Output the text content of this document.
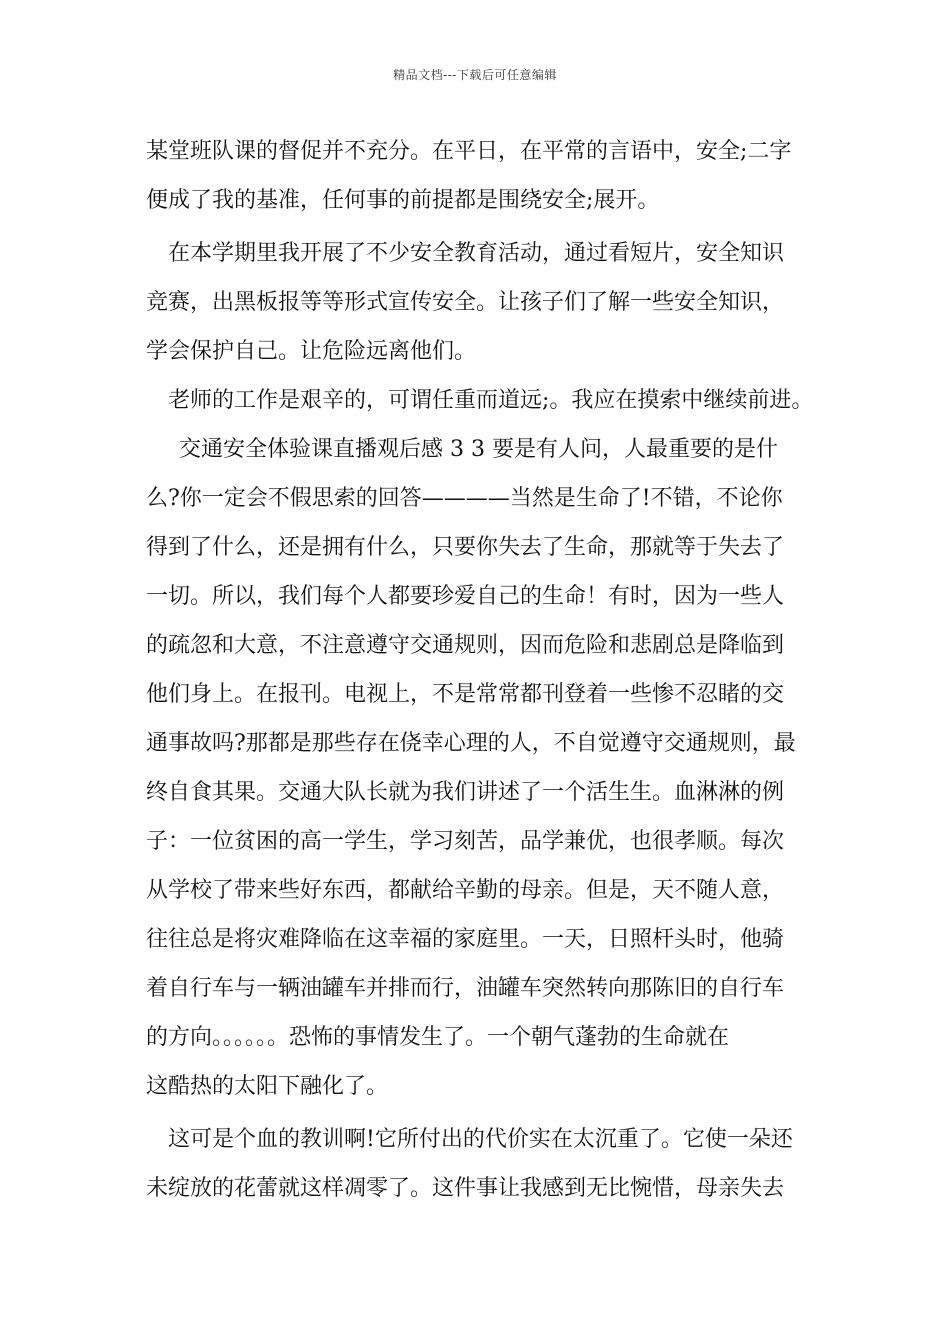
精品文档---下载后可任意编辑
某堂班队课的督促并不充分。在平日，在平常的言语中，安全;二字
便成了我的基准，任何事的前提都是围绕安全;展开。
在本学期里我开展了不少安全教育活动，通过看短片，安全知识
竞赛，出黑板报等等形式宣传安全。让孩子们了解一些安全知识，
学会保护自己。让危险远离他们。
老师的工作是艰辛的，可谓任重而道远;。我应在摸索中继续前进。
交通安全体验课直播观后感 3 3 要是有人问，人最重要的是什
么?你一定会不假思索的回答————当然是生命了!不错，不论你
得到了什么，还是拥有什么，只要你失去了生命，那就等于失去了
一切。所以，我们每个人都要珍爱自己的生命！有时，因为一些人
的疏忽和大意，不注意遵守交通规则，因而危险和悲剧总是降临到
他们身上。在报刊。电视上，不是常常都刊登着一些惨不忍睹的交
通事故吗?那都是那些存在侥幸心理的人，不自觉遵守交通规则，最
终自食其果。交通大队长就为我们讲述了一个活生生。血淋淋的例
子：一位贫困的高一学生，学习刻苦，品学兼优，也很孝顺。每次
从学校了带来些好东西，都献给辛勤的母亲。但是，天不随人意，
往往总是将灾难降临在这幸福的家庭里。一天，日照杆头时，他骑
着自行车与一辆油罐车并排而行，油罐车突然转向那陈旧的自行车
的方向。。。。。。恐怖的事情发生了。一个朝气蓬勃的生命就在
这酷热的太阳下融化了。
这可是个血的教训啊!它所付出的代价实在太沉重了。它使一朵还
未绽放的花蕾就这样凋零了。这件事让我感到无比惋惜，母亲失去
